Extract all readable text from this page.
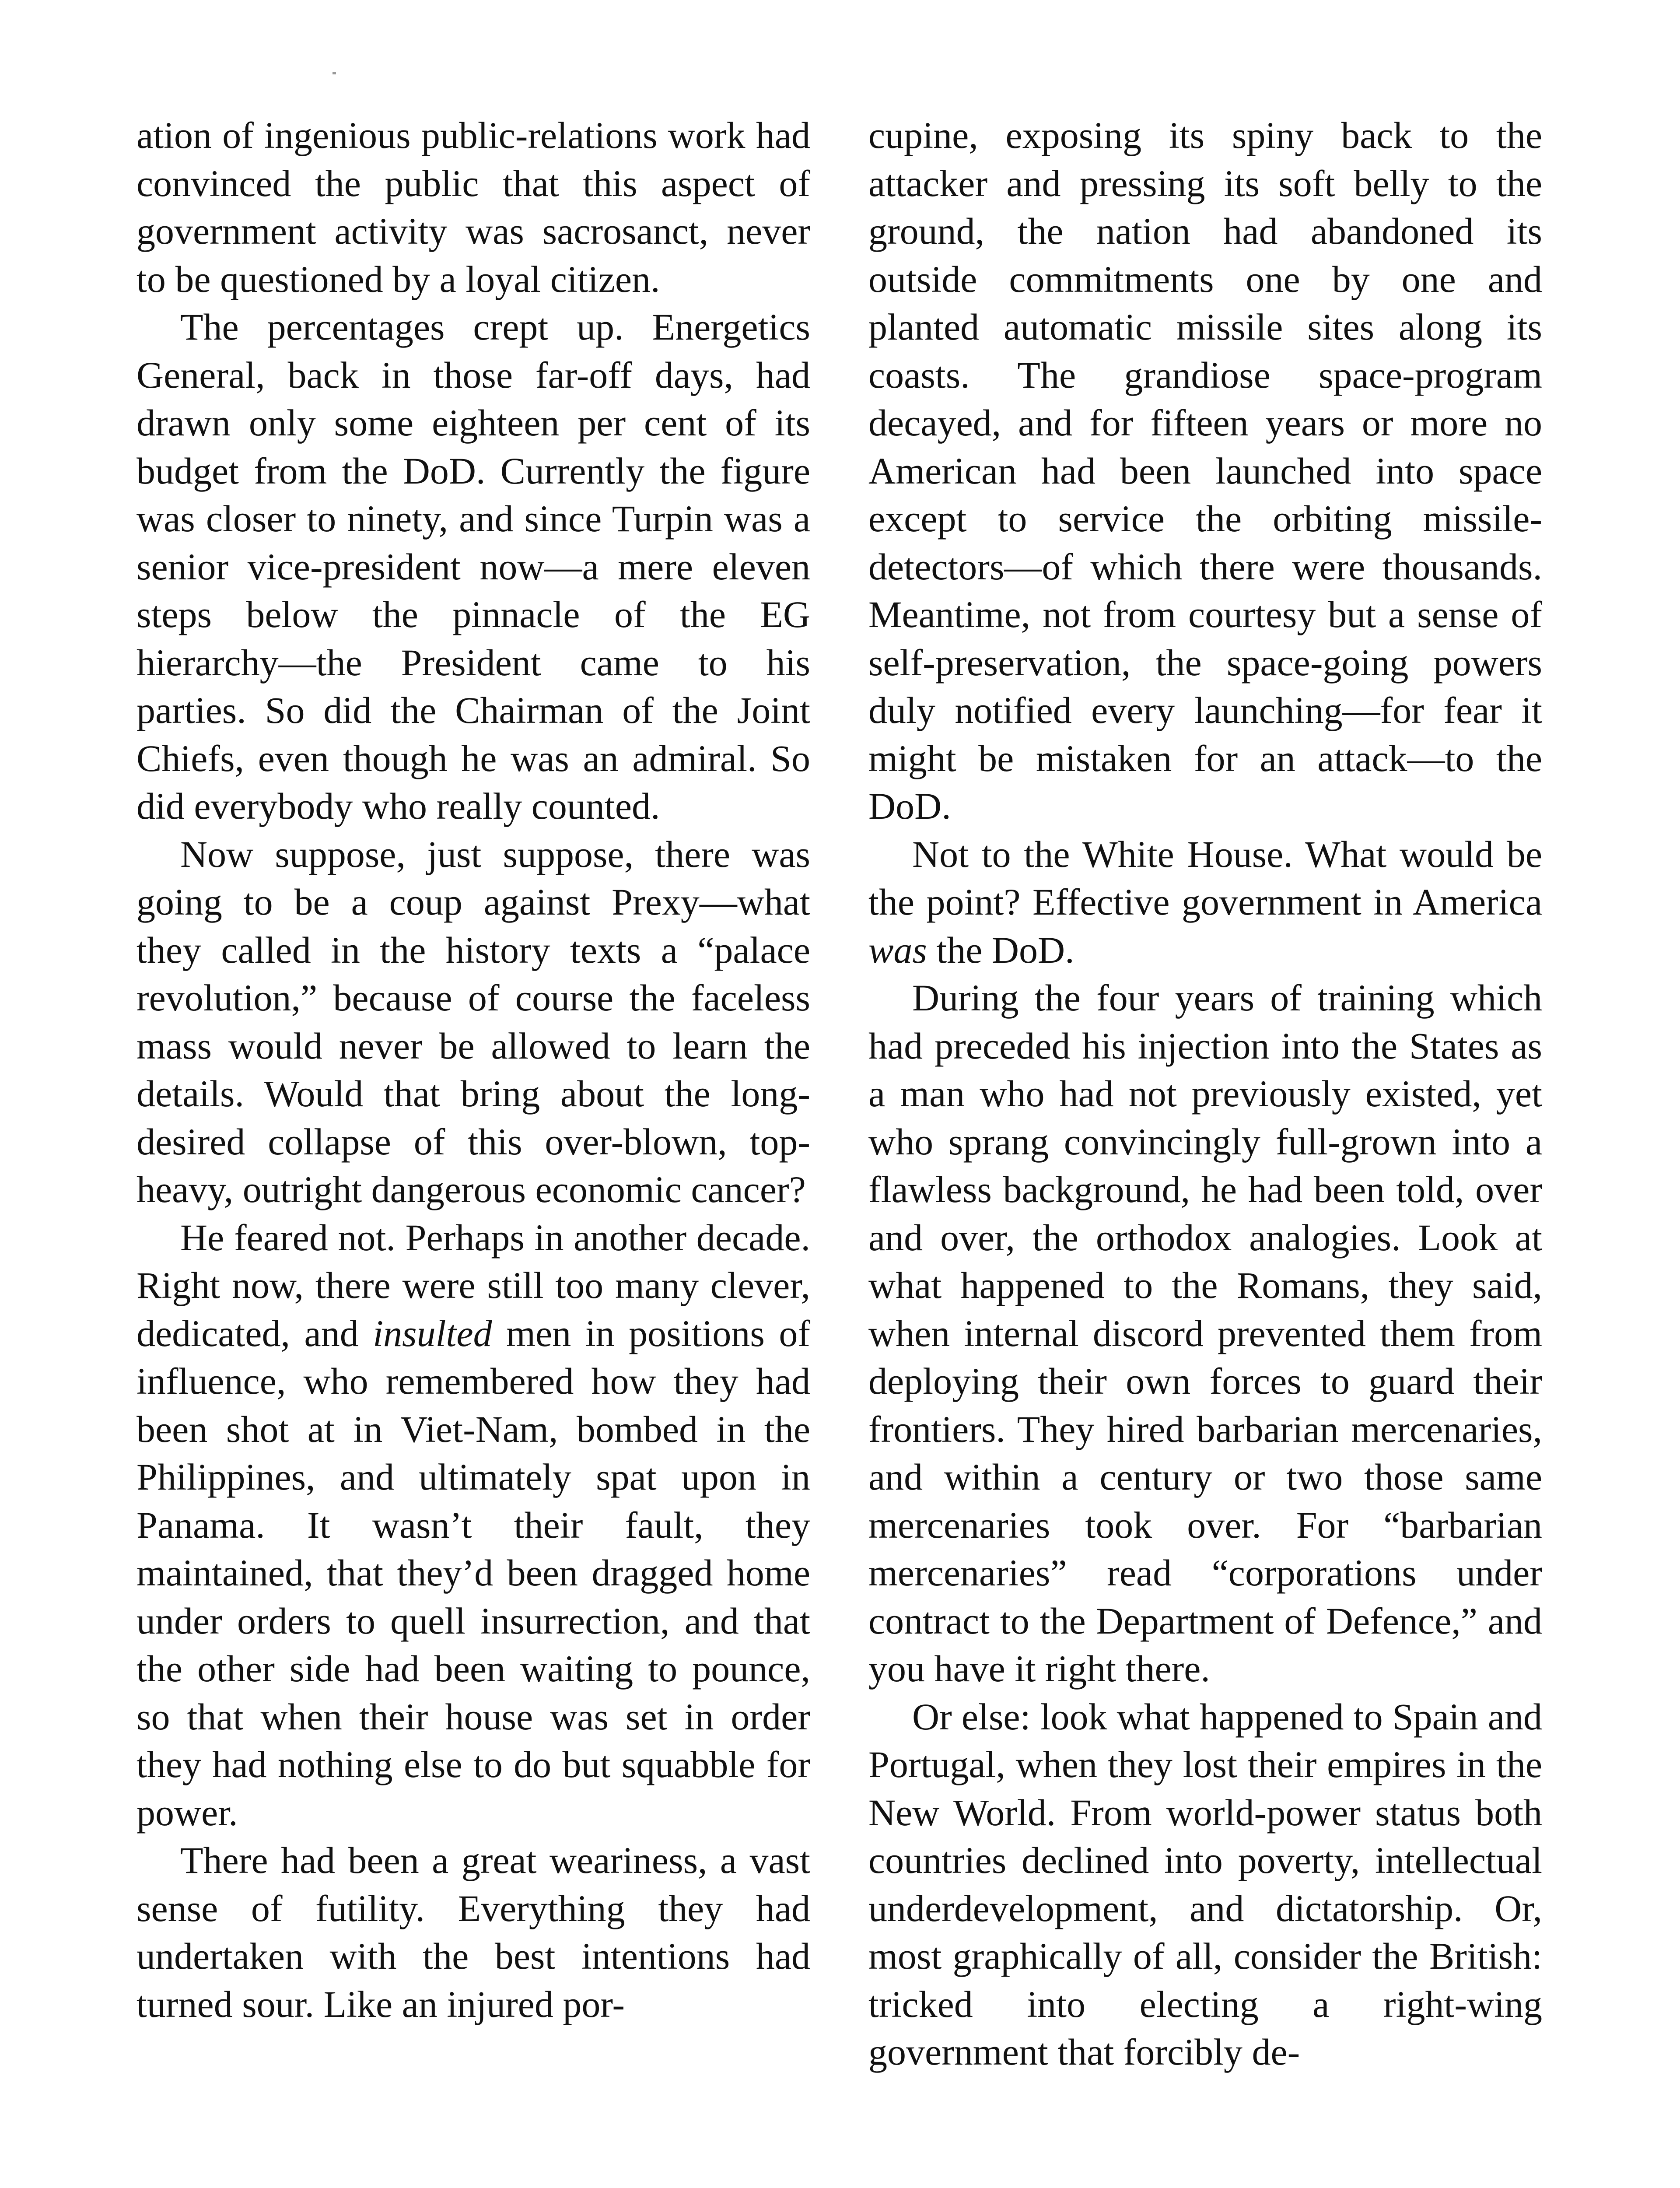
ation of ingenious public-relations work had convinced the public that this aspect of government activity was sacrosanct, never to be questioned by a loyal citizen.

The percentages crept up. Energetics General, back in those far-off days, had drawn only some eighteen per cent of its budget from the DoD. Currently the figure was closer to ninety, and since Turpin was a senior vice-president now—a mere eleven steps below the pinnacle of the EG hierarchy—the President came to his parties. So did the Chairman of the Joint Chiefs, even though he was an admiral. So did everybody who really counted.

Now suppose, just suppose, there was going to be a coup against Prexy—what they called in the history texts a “palace revolution,” because of course the faceless mass would never be allowed to learn the details. Would that bring about the long-desired collapse of this over-blown, top-heavy, outright dangerous economic cancer?

He feared not. Perhaps in another decade. Right now, there were still too many clever, dedicated, and insulted men in positions of influence, who remembered how they had been shot at in Viet-Nam, bombed in the Philippines, and ultimately spat upon in Panama. It wasn’t their fault, they maintained, that they’d been dragged home under orders to quell insurrection, and that the other side had been waiting to pounce, so that when their house was set in order they had nothing else to do but squabble for power.

There had been a great weariness, a vast sense of futility. Everything they had undertaken with the best intentions had turned sour. Like an injured por-

cupine, exposing its spiny back to the attacker and pressing its soft belly to the ground, the nation had abandoned its outside commitments one by one and planted automatic missile sites along its coasts. The grandiose space-program decayed, and for fifteen years or more no American had been launched into space except to service the orbiting missile-detectors—of which there were thousands. Meantime, not from courtesy but a sense of self-preservation, the space-going powers duly notified every launching—for fear it might be mistaken for an attack—to the DoD.

Not to the White House. What would be the point? Effective government in America was the DoD.

During the four years of training which had preceded his injection into the States as a man who had not previously existed, yet who sprang convincingly full-grown into a flawless background, he had been told, over and over, the orthodox analogies. Look at what happened to the Romans, they said, when internal discord prevented them from deploying their own forces to guard their frontiers. They hired barbarian mercenaries, and within a century or two those same mercenaries took over. For “barbarian mercenaries” read “corporations under contract to the Department of Defence,” and you have it right there.

Or else: look what happened to Spain and Portugal, when they lost their empires in the New World. From world-power status both countries declined into poverty, intellectual underdevelopment, and dictatorship. Or, most graphically of all, consider the British: tricked into electing a right-wing government that forcibly de-
